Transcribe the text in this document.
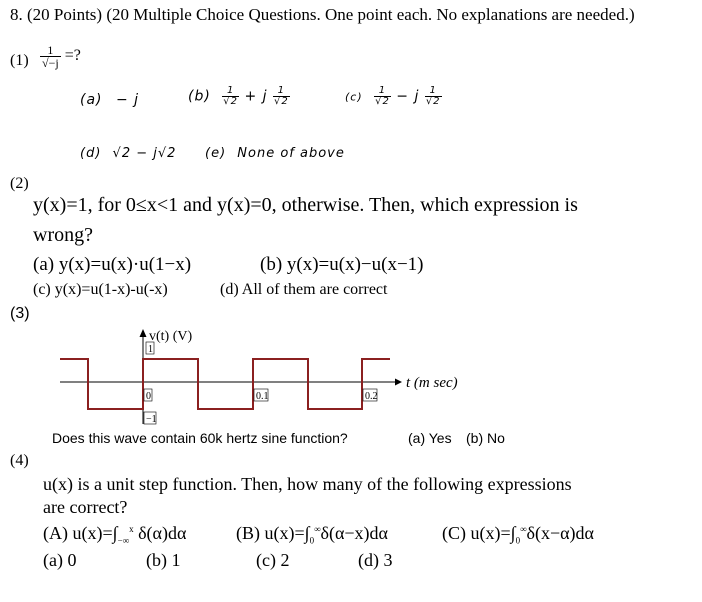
8. (20 Points) (20 Multiple Choice Questions. One point each. No explanations are needed.)
$(1) \frac{1}{√-j}$ =?
(a) − j	$(b) \frac{1}{√2} + j \frac{1}{√2}$	$(c) \frac{1}{√2} - j \frac{1}{√2}$
(d) √2 − j√2 (e) None of above
(2)
y(x)=1, for 0≤x<1 and y(x)=0, otherwise. Then, which expression is
wrong?
(a) y(x)=u(x)·u(1−x)	(b) y(x)=u(x)−u(x−1)
(c) y(x)=u(1-x)-u(-x)	(d) All of them are correct
(3)
v(t) (V)
1
0	0.1	0.2
−1
t (m sec)
Does this wave contain 60k hertz sine function?	(a) Yes (b) No
(4)
u(x) is a unit step function. Then, how many of the following expressions
are correct?
(A) $u(x)=\int_{-\infty}^x$ δ(α)dα	(B) $u(x)=\int_0^\infty\delta(\alpha-x)d\alpha$	(C) $u(x)=\int_0^\infty\delta(x-\alpha)d\alpha$
(a) 0	(b) 1	(c) 2	(d) 3
